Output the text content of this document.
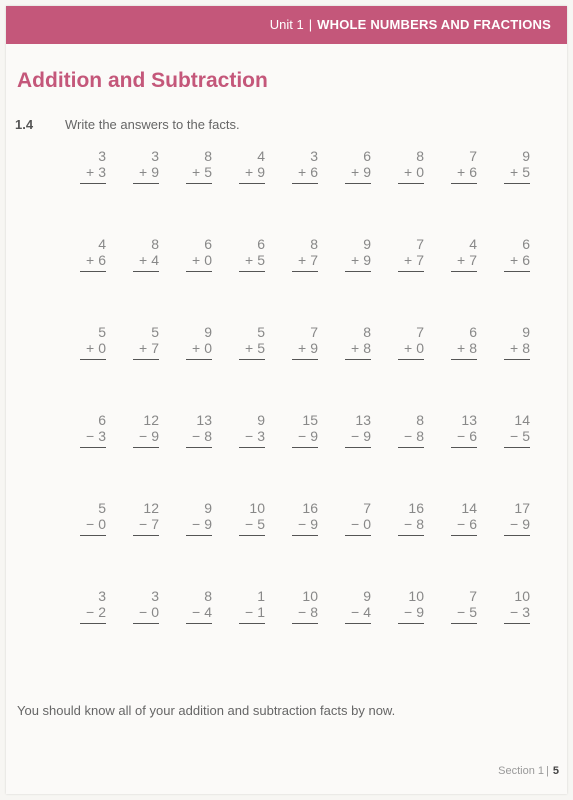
Unit 1 | WHOLE NUMBERS AND FRACTIONS
Addition and Subtraction
1.4 Write the answers to the facts.
3
+ 3
3
+ 9
8
+ 5
4
+ 9
3
+ 6
6
+ 9
8
+ 0
7
+ 6
9
+ 5
4
+ 6
8
+ 4
6
+ 0
6
+ 5
8
+ 7
9
+ 9
7
+ 7
4
+ 7
6
+ 6
5
+ 0
5
+ 7
9
+ 0
5
+ 5
7
+ 9
8
+ 8
7
+ 0
6
+ 8
9
+ 8
6
− 3
12
− 9
13
− 8
9
− 3
15
− 9
13
− 9
8
− 8
13
− 6
14
− 5
5
− 0
12
− 7
9
− 9
10
− 5
16
− 9
7
− 0
16
− 8
14
− 6
17
− 9
3
− 2
3
− 0
8
− 4
1
− 1
10
− 8
9
− 4
10
− 9
7
− 5
10
− 3
You should know all of your addition and subtraction facts by now.
Section 1 | 5
